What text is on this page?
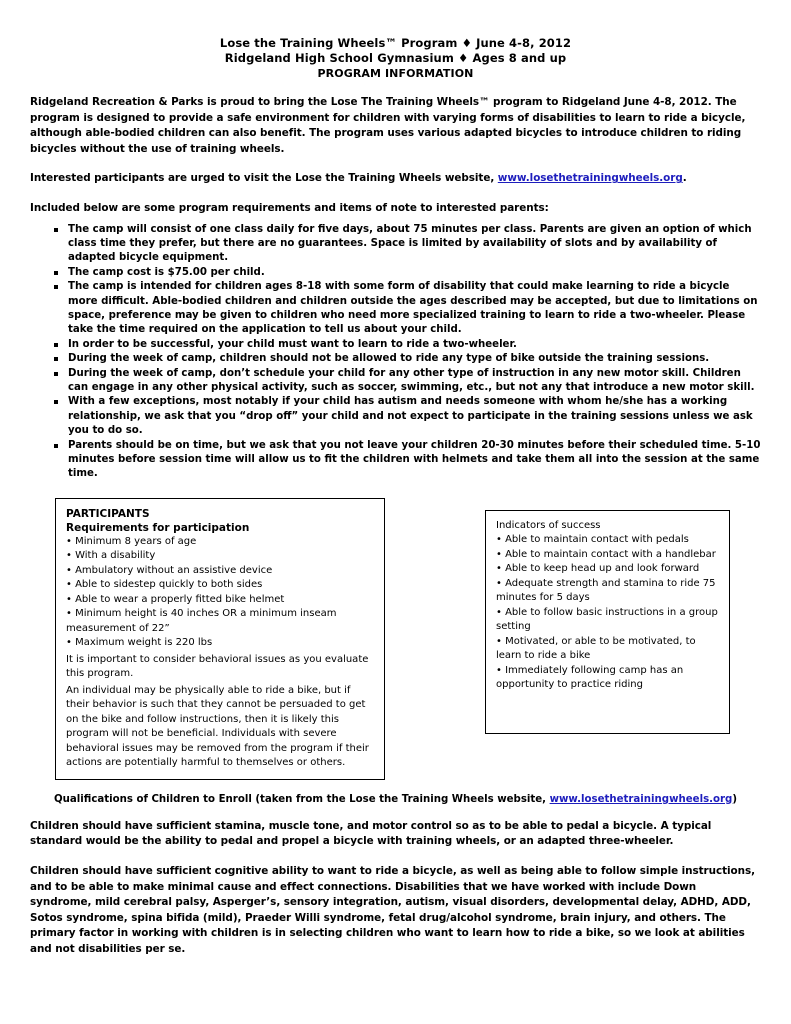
Lose the Training Wheels™ Program ♦ June 4-8, 2012
Ridgeland High School Gymnasium ♦ Ages 8 and up
PROGRAM INFORMATION
Ridgeland Recreation & Parks is proud to bring the Lose The Training Wheels™ program to Ridgeland June 4-8, 2012. The program is designed to provide a safe environment for children with varying forms of disabilities to learn to ride a bicycle, although able-bodied children can also benefit. The program uses various adapted bicycles to introduce children to riding bicycles without the use of training wheels.
Interested participants are urged to visit the Lose the Training Wheels website, www.losethetrainingwheels.org.
Included below are some program requirements and items of note to interested parents:
The camp will consist of one class daily for five days, about 75 minutes per class. Parents are given an option of which class time they prefer, but there are no guarantees. Space is limited by availability of slots and by availability of adapted bicycle equipment.
The camp cost is $75.00 per child.
The camp is intended for children ages 8-18 with some form of disability that could make learning to ride a bicycle more difficult. Able-bodied children and children outside the ages described may be accepted, but due to limitations on space, preference may be given to children who need more specialized training to learn to ride a two-wheeler. Please take the time required on the application to tell us about your child.
In order to be successful, your child must want to learn to ride a two-wheeler.
During the week of camp, children should not be allowed to ride any type of bike outside the training sessions.
During the week of camp, don’t schedule your child for any other type of instruction in any new motor skill. Children can engage in any other physical activity, such as soccer, swimming, etc., but not any that introduce a new motor skill.
With a few exceptions, most notably if your child has autism and needs someone with whom he/she has a working relationship, we ask that you “drop off” your child and not expect to participate in the training sessions unless we ask you to do so.
Parents should be on time, but we ask that you not leave your children 20-30 minutes before their scheduled time. 5-10 minutes before session time will allow us to fit the children with helmets and take them all into the session at the same time.

PARTICIPANTS

Requirements for participation

• Minimum 8 years of age

• With a disability

• Ambulatory without an assistive device

• Able to sidestep quickly to both sides

• Able to wear a properly fitted bike helmet

• Minimum height is 40 inches OR a minimum inseam measurement of 22”

• Maximum weight is 220 lbs

It is important to consider behavioral issues as you evaluate this program.

An individual may be physically able to ride a bike, but if their behavior is such that they cannot be persuaded to get on the bike and follow instructions, then it is likely this program will not be beneficial. Individuals with severe behavioral issues may be removed from the program if their actions are potentially harmful to themselves or others.

Indicators of success

• Able to maintain contact with pedals

• Able to maintain contact with a handlebar

• Able to keep head up and look forward

• Adequate strength and stamina to ride 75 minutes for 5 days

• Able to follow basic instructions in a group setting

• Motivated, or able to be motivated, to learn to ride a bike

• Immediately following camp has an opportunity to practice riding

Qualifications of Children to Enroll (taken from the Lose the Training Wheels website, www.losethetrainingwheels.org)

Children should have sufficient stamina, muscle tone, and motor control so as to be able to pedal a bicycle. A typical standard would be the ability to pedal and propel a bicycle with training wheels, or an adapted three-wheeler.

Children should have sufficient cognitive ability to want to ride a bicycle, as well as being able to follow simple instructions, and to be able to make minimal cause and effect connections. Disabilities that we have worked with include Down syndrome, mild cerebral palsy, Asperger’s, sensory integration, autism, visual disorders, developmental delay, ADHD, ADD, Sotos syndrome, spina bifida (mild), Praeder Willi syndrome, fetal drug/alcohol syndrome, brain injury, and others. The primary factor in working with children is in selecting children who want to learn how to ride a bike, so we look at abilities and not disabilities per se.
